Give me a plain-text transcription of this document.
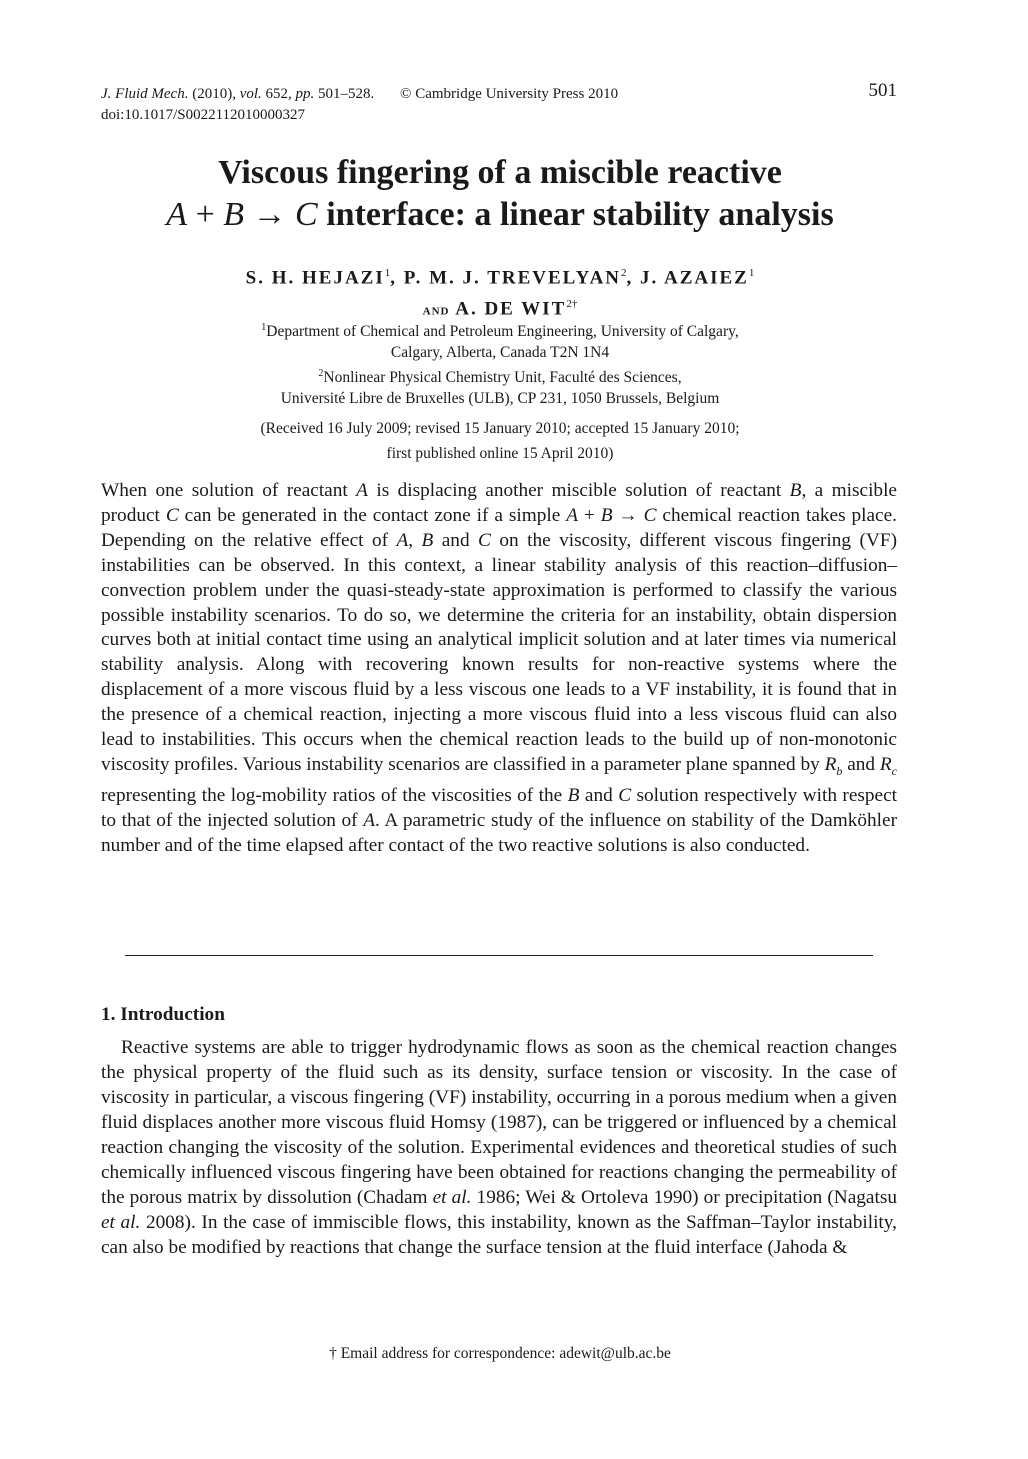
J. Fluid Mech. (2010), vol. 652, pp. 501–528. © Cambridge University Press 2010
doi:10.1017/S0022112010000327
501
Viscous fingering of a miscible reactive
A + B → C interface: a linear stability analysis
S. H. HEJAZI$^1$, P. M. J. TREVELYAN$^2$, J. AZAIEZ$^1$
and A. DE $WIT^{2\dagger}$
$^1$Department of Chemical and Petroleum Engineering, University of Calgary,
Calgary, Alberta, Canada T2N 1N4
$^2$Nonlinear Physical Chemistry Unit, Faculté des Sciences,
Université Libre de Bruxelles (ULB), CP 231, 1050 Brussels, Belgium
(Received 16 July 2009; revised 15 January 2010; accepted 15 January 2010;
first published online 15 April 2010)
When one solution of reactant A is displacing another miscible solution of reactant B, a miscible product C can be generated in the contact zone if a simple A + B → C chemical reaction takes place. Depending on the relative effect of A, B and C on the viscosity, different viscous fingering (VF) instabilities can be observed. In this context, a linear stability analysis of this reaction–diffusion–convection problem under the quasi-steady-state approximation is performed to classify the various possible instability scenarios. To do so, we determine the criteria for an instability, obtain dispersion curves both at initial contact time using an analytical implicit solution and at later times via numerical stability analysis. Along with recovering known results for non-reactive systems where the displacement of a more viscous fluid by a less viscous one leads to a VF instability, it is found that in the presence of a chemical reaction, injecting a more viscous fluid into a less viscous fluid can also lead to instabilities. This occurs when the chemical reaction leads to the build up of non-monotonic viscosity profiles. Various instability scenarios are classified in a parameter plane spanned by $R_b$ and $R_c$ representing the log-mobility ratios of the viscosities of the B and C solution respectively with respect to that of the injected solution of A. A parametric study of the influence on stability of the Damköhler number and of the time elapsed after contact of the two reactive solutions is also conducted.
1. Introduction
Reactive systems are able to trigger hydrodynamic flows as soon as the chemical reaction changes the physical property of the fluid such as its density, surface tension or viscosity. In the case of viscosity in particular, a viscous fingering (VF) instability, occurring in a porous medium when a given fluid displaces another more viscous fluid Homsy (1987), can be triggered or influenced by a chemical reaction changing the viscosity of the solution. Experimental evidences and theoretical studies of such chemically influenced viscous fingering have been obtained for reactions changing the permeability of the porous matrix by dissolution (Chadam et al. 1986; Wei & Ortoleva 1990) or precipitation (Nagatsu et al. 2008). In the case of immiscible flows, this instability, known as the Saffman–Taylor instability, can also be modified by reactions that change the surface tension at the fluid interface (Jahoda &
† Email address for correspondence: adewit@ulb.ac.be
